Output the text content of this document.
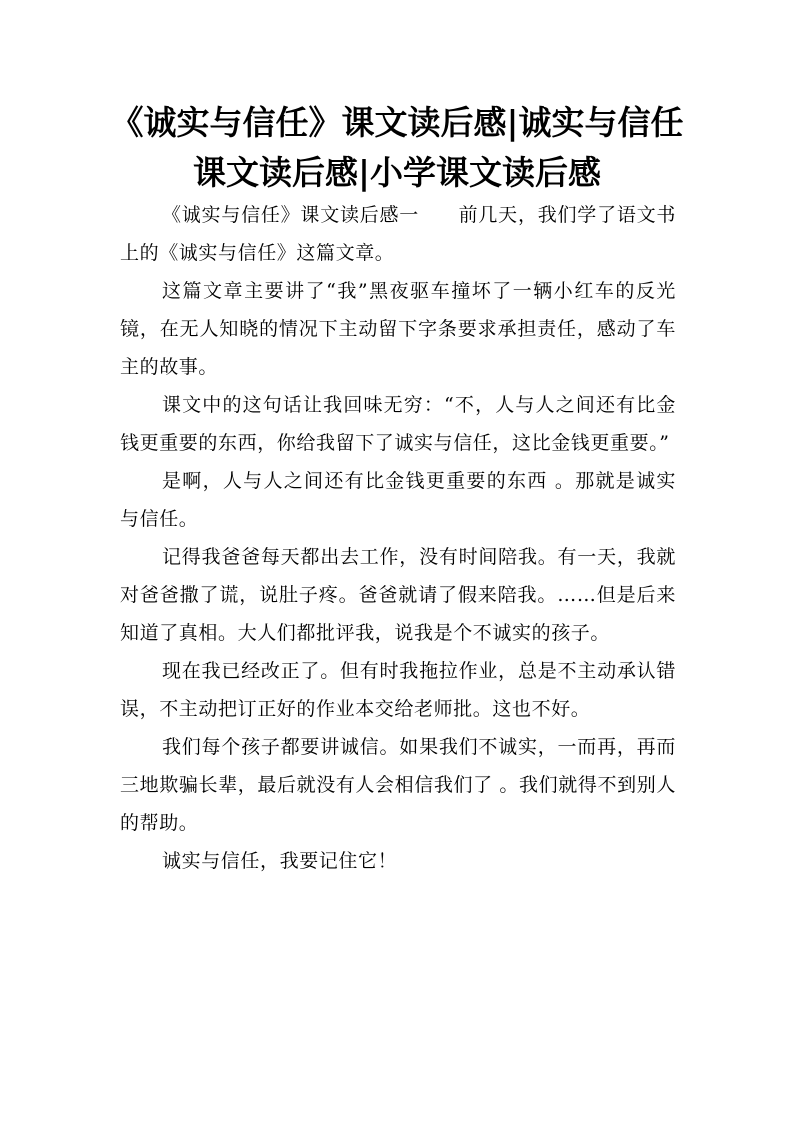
《诚实与信任》课文读后感|诚实与信任
课文读后感|小学课文读后感

《诚实与信任》课文读后感一　　前几天，我们学了语文书上的《诚实与信任》这篇文章。

这篇文章主要讲了“我”黑夜驱车撞坏了一辆小红车的反光镜，在无人知晓的情况下主动留下字条要求承担责任，感动了车主的故事。

课文中的这句话让我回味无穷：“不，人与人之间还有比金钱更重要的东西，你给我留下了诚实与信任，这比金钱更重要。”

是啊，人与人之间还有比金钱更重要的东西 。那就是诚实与信任。

记得我爸爸每天都出去工作，没有时间陪我。有一天，我就对爸爸撒了谎，说肚子疼。爸爸就请了假来陪我。……但是后来知道了真相。大人们都批评我，说我是个不诚实的孩子。

现在我已经改正了。但有时我拖拉作业，总是不主动承认错误，不主动把订正好的作业本交给老师批。这也不好。

我们每个孩子都要讲诚信。如果我们不诚实，一而再，再而三地欺骗长辈，最后就没有人会相信我们了 。我们就得不到别人的帮助。

诚实与信任，我要记住它！
